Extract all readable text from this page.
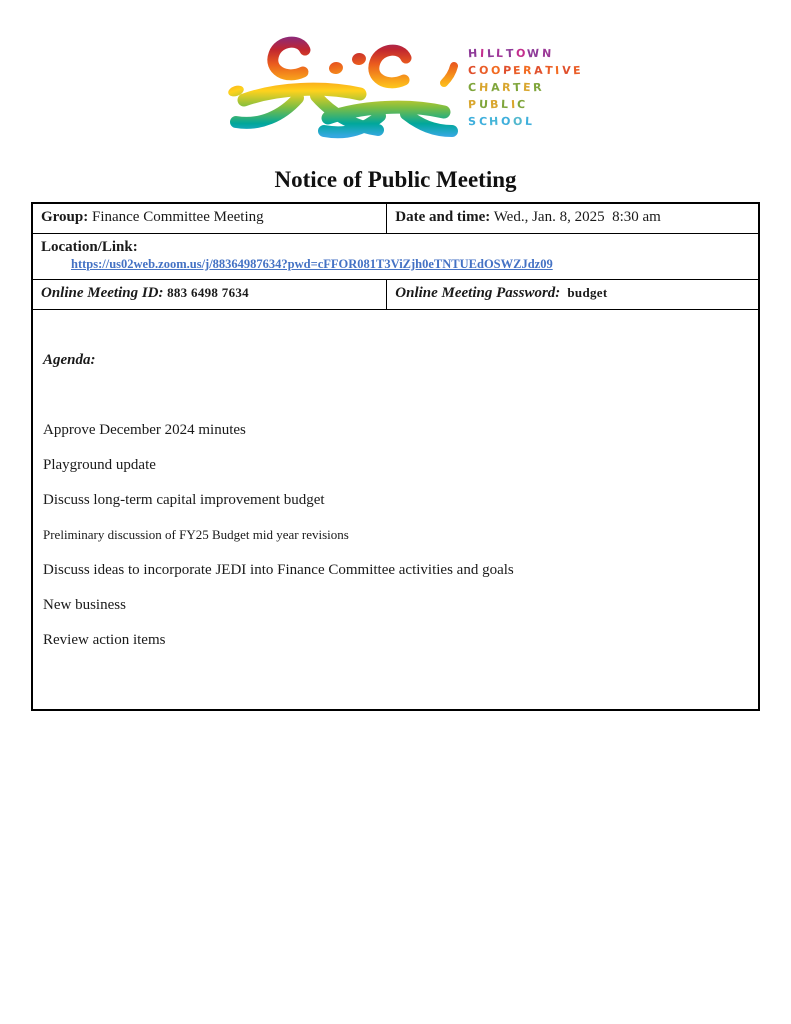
HILLTOWN
COOPERATIVE
CHARTER
PUBLIC
SCHOOL
Notice of Public Meeting
Group: Finance Committee Meeting	Date and time: Wed., Jan. 8, 2025  8:30 am
Location/Link:
https://us02web.zoom.us/j/88364987634?pwd=cFFOR081T3ViZjh0eTNTUEdOSWZJdz09	
Online Meeting ID: 883 6498 7634	Online Meeting Password:  budget

Agenda:

Approve December 2024 minutes

Playground update

Discuss long-term capital improvement budget

Preliminary discussion of FY25 Budget mid year revisions

Discuss ideas to incorporate JEDI into Finance Committee activities and goals

New business

Review action items
